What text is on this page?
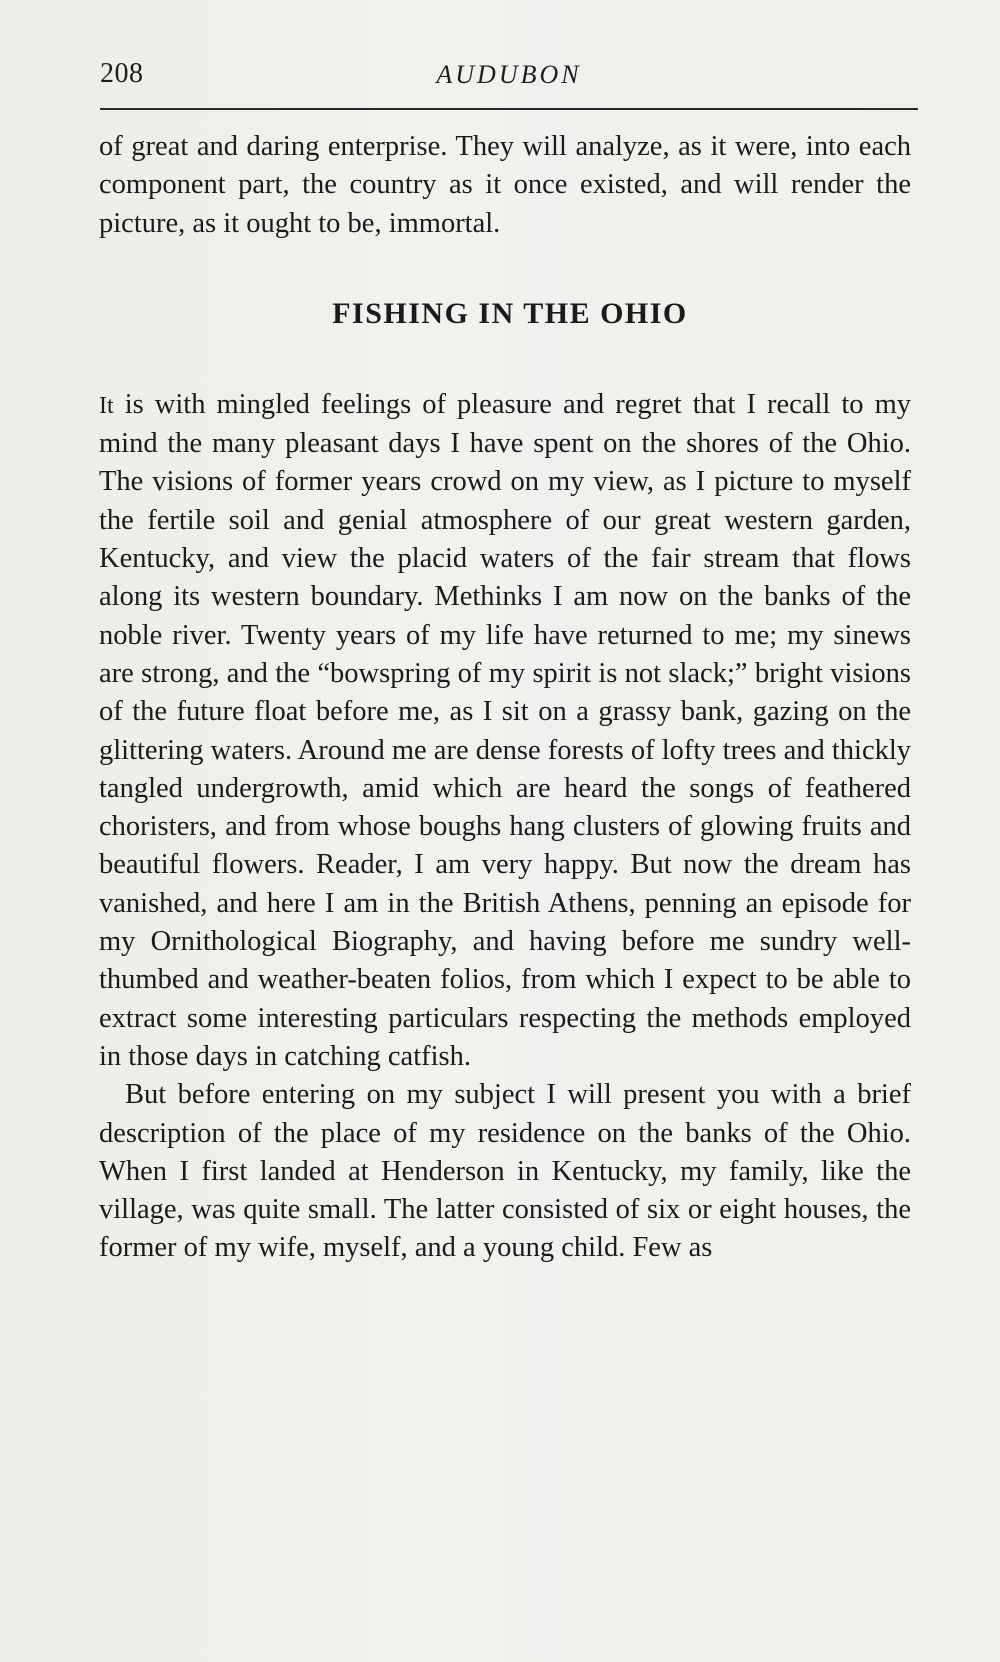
208	AUDUBON

of great and daring enterprise. They will analyze, as it were, into each component part, the country as it once existed, and will render the picture, as it ought to be, immortal.

FISHING IN THE OHIO

It is with mingled feelings of pleasure and regret that I recall to my mind the many pleasant days I have spent on the shores of the Ohio. The visions of former years crowd on my view, as I picture to myself the fertile soil and genial atmosphere of our great western garden, Kentucky, and view the placid waters of the fair stream that flows along its western boundary. Methinks I am now on the banks of the noble river. Twenty years of my life have returned to me; my sinews are strong, and the “bowspring of my spirit is not slack;” bright visions of the future float before me, as I sit on a grassy bank, gazing on the glittering waters. Around me are dense forests of lofty trees and thickly tangled undergrowth, amid which are heard the songs of feathered choristers, and from whose boughs hang clusters of glowing fruits and beautiful flowers. Reader, I am very happy. But now the dream has vanished, and here I am in the British Athens, penning an episode for my Ornithological Biography, and having before me sundry well-thumbed and weather-beaten folios, from which I expect to be able to extract some interesting particulars respecting the methods employed in those days in catching catfish.

But before entering on my subject I will present you with a brief description of the place of my residence on the banks of the Ohio. When I first landed at Henderson in Kentucky, my family, like the village, was quite small. The latter consisted of six or eight houses, the former of my wife, myself, and a young child. Few as
